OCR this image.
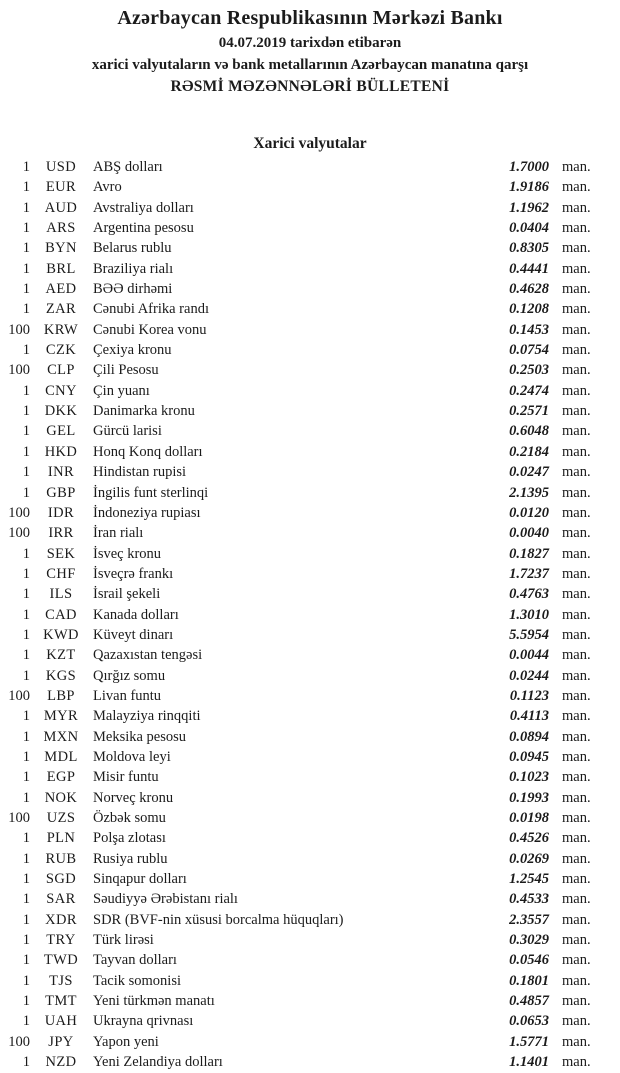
Azərbaycan Respublikasının Mərkəzi Bankı
04.07.2019 tarixdən etibarən
xarici valyutaların və bank metallarının Azərbaycan manatına qarşı
RƏSMİ MƏZƏNNƏLƏRİ BÜLLETENİ
Xarici valyutalar
1	USD	ABŞ dolları	1.7000 man.
1	EUR	Avro	1.9186 man.
1	AUD	Avstraliya dolları	1.1962 man.
1	ARS	Argentina pesosu	0.0404 man.
1	BYN	Belarus rublu	0.8305 man.
1	BRL	Braziliya rialı	0.4441 man.
1	AED	BƏƏ dirhəmi	0.4628 man.
1	ZAR	Cənubi Afrika randı	0.1208 man.
100 KRW	Cənubi Korea vonu	0.1453 man.
1	CZK	Çexiya kronu	0.0754 man.
100	CLP	Çili Pesosu	0.2503 man.
1	CNY	Çin yuanı	0.2474 man.
1	DKK	Danimarka kronu	0.2571 man.
1	GEL	Gürcü larisi	0.6048 man.
1	HKD	Honq Konq dolları	0.2184 man.
1	INR	Hindistan rupisi	0.0247 man.
1	GBP	İngilis funt sterlinqi	2.1395 man.
100	IDR	İndoneziya rupiası	0.0120 man.
100	IRR	İran rialı	0.0040 man.
1	SEK	İsveç kronu	0.1827 man.
1	CHF	İsveçrə frankı	1.7237 man.
1	ILS	İsrail şekeli	0.4763 man.
1	CAD	Kanada dolları	1.3010 man.
1 KWD Küveyt dinarı	5.5954 man.
1	KZT	Qazaxıstan tengəsi	0.0044 man.
1	KGS	Qırğız somu	0.0244 man.
100	LBP	Livan funtu	0.1123 man.
1 MYR	Malayziya rinqqiti	0.4113 man.
1 MXN Meksika pesosu	0.0894 man.
1 MDL	Moldova leyi	0.0945 man.
1	EGP	Misir funtu	0.1023 man.
1	NOK	Norveç kronu	0.1993 man.
100	UZS	Özbək somu	0.0198 man.
1	PLN	Polşa zlotası	0.4526 man.
1	RUB	Rusiya rublu	0.0269 man.
1	SGD	Sinqapur dolları	1.2545 man.
1	SAR	Səudiyyə Ərəbistanı rialı	0.4533 man.
1	XDR	SDR (BVF-nin xüsusi borcalma hüquqları)	2.3557 man.
1	TRY	Türk lirəsi	0.3029 man.
1 TWD	Tayvan dolları	0.0546 man.
1	TJS	Tacik somonisi	0.1801 man.
1	TMT	Yeni türkmən manatı	0.4857 man.
1	UAH	Ukrayna qrivnası	0.0653 man.
100	JPY	Yapon yeni	1.5771 man.
1	NZD	Yeni Zelandiya dolları	1.1401 man.
